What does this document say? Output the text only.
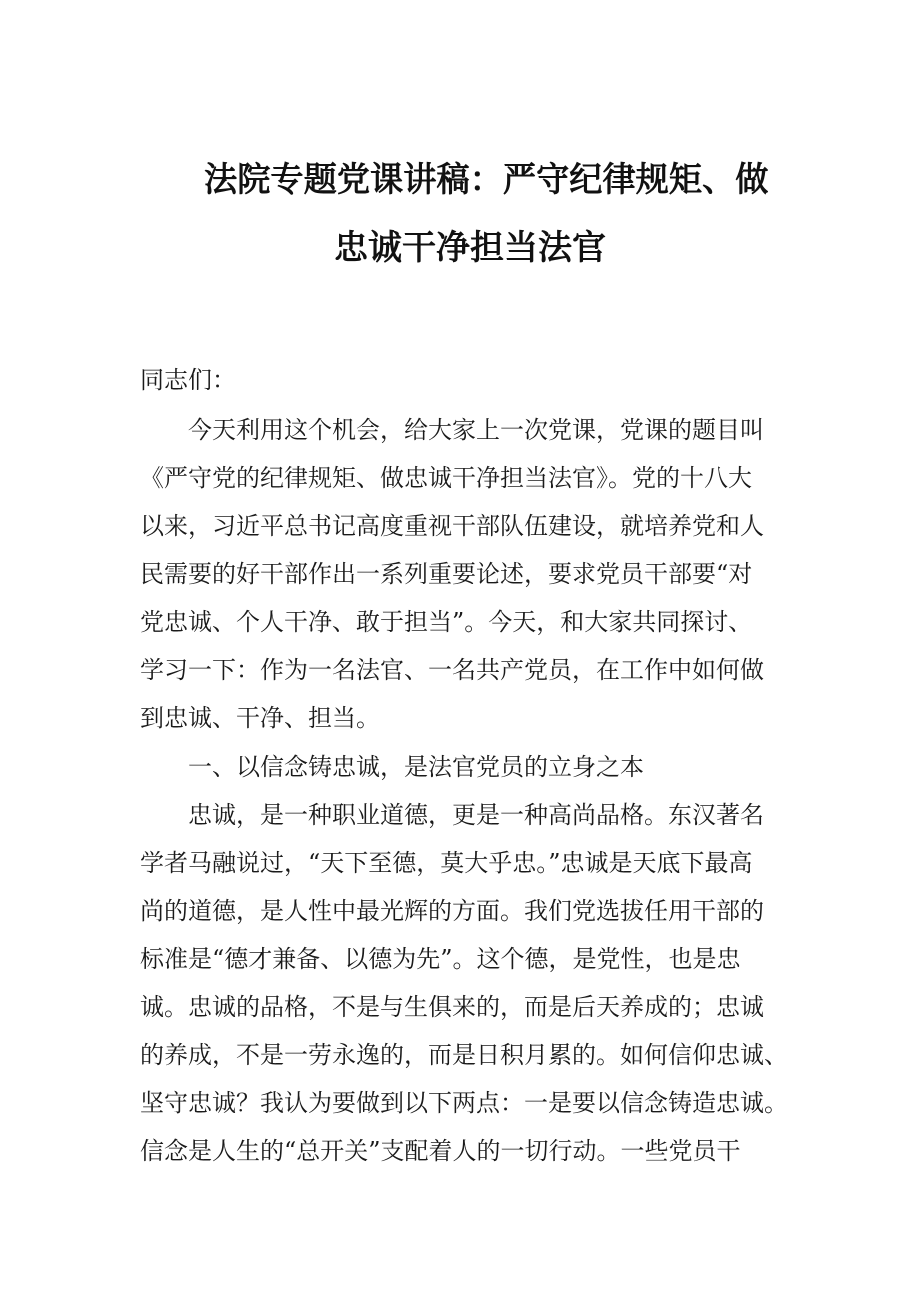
法院专题党课讲稿：严守纪律规矩、做
忠诚干净担当法官
同志们：
今天利用这个机会，给大家上一次党课，党课的题目叫
《严守党的纪律规矩、做忠诚干净担当法官》。党的十八大
以来，习近平总书记高度重视干部队伍建设，就培养党和人
民需要的好干部作出一系列重要论述，要求党员干部要“对
党忠诚、个人干净、敢于担当”。今天，和大家共同探讨、
学习一下：作为一名法官、一名共产党员，在工作中如何做
到忠诚、干净、担当。
一、以信念铸忠诚，是法官党员的立身之本
忠诚，是一种职业道德，更是一种高尚品格。东汉著名
学者马融说过，“天下至德，莫大乎忠。”忠诚是天底下最高
尚的道德，是人性中最光辉的方面。我们党选拔任用干部的
标准是“德才兼备、以德为先”。这个德，是党性，也是忠
诚。忠诚的品格，不是与生俱来的，而是后天养成的；忠诚
的养成，不是一劳永逸的，而是日积月累的。如何信仰忠诚、
坚守忠诚？我认为要做到以下两点：一是要以信念铸造忠诚。
信念是人生的“总开关”支配着人的一切行动。一些党员干
